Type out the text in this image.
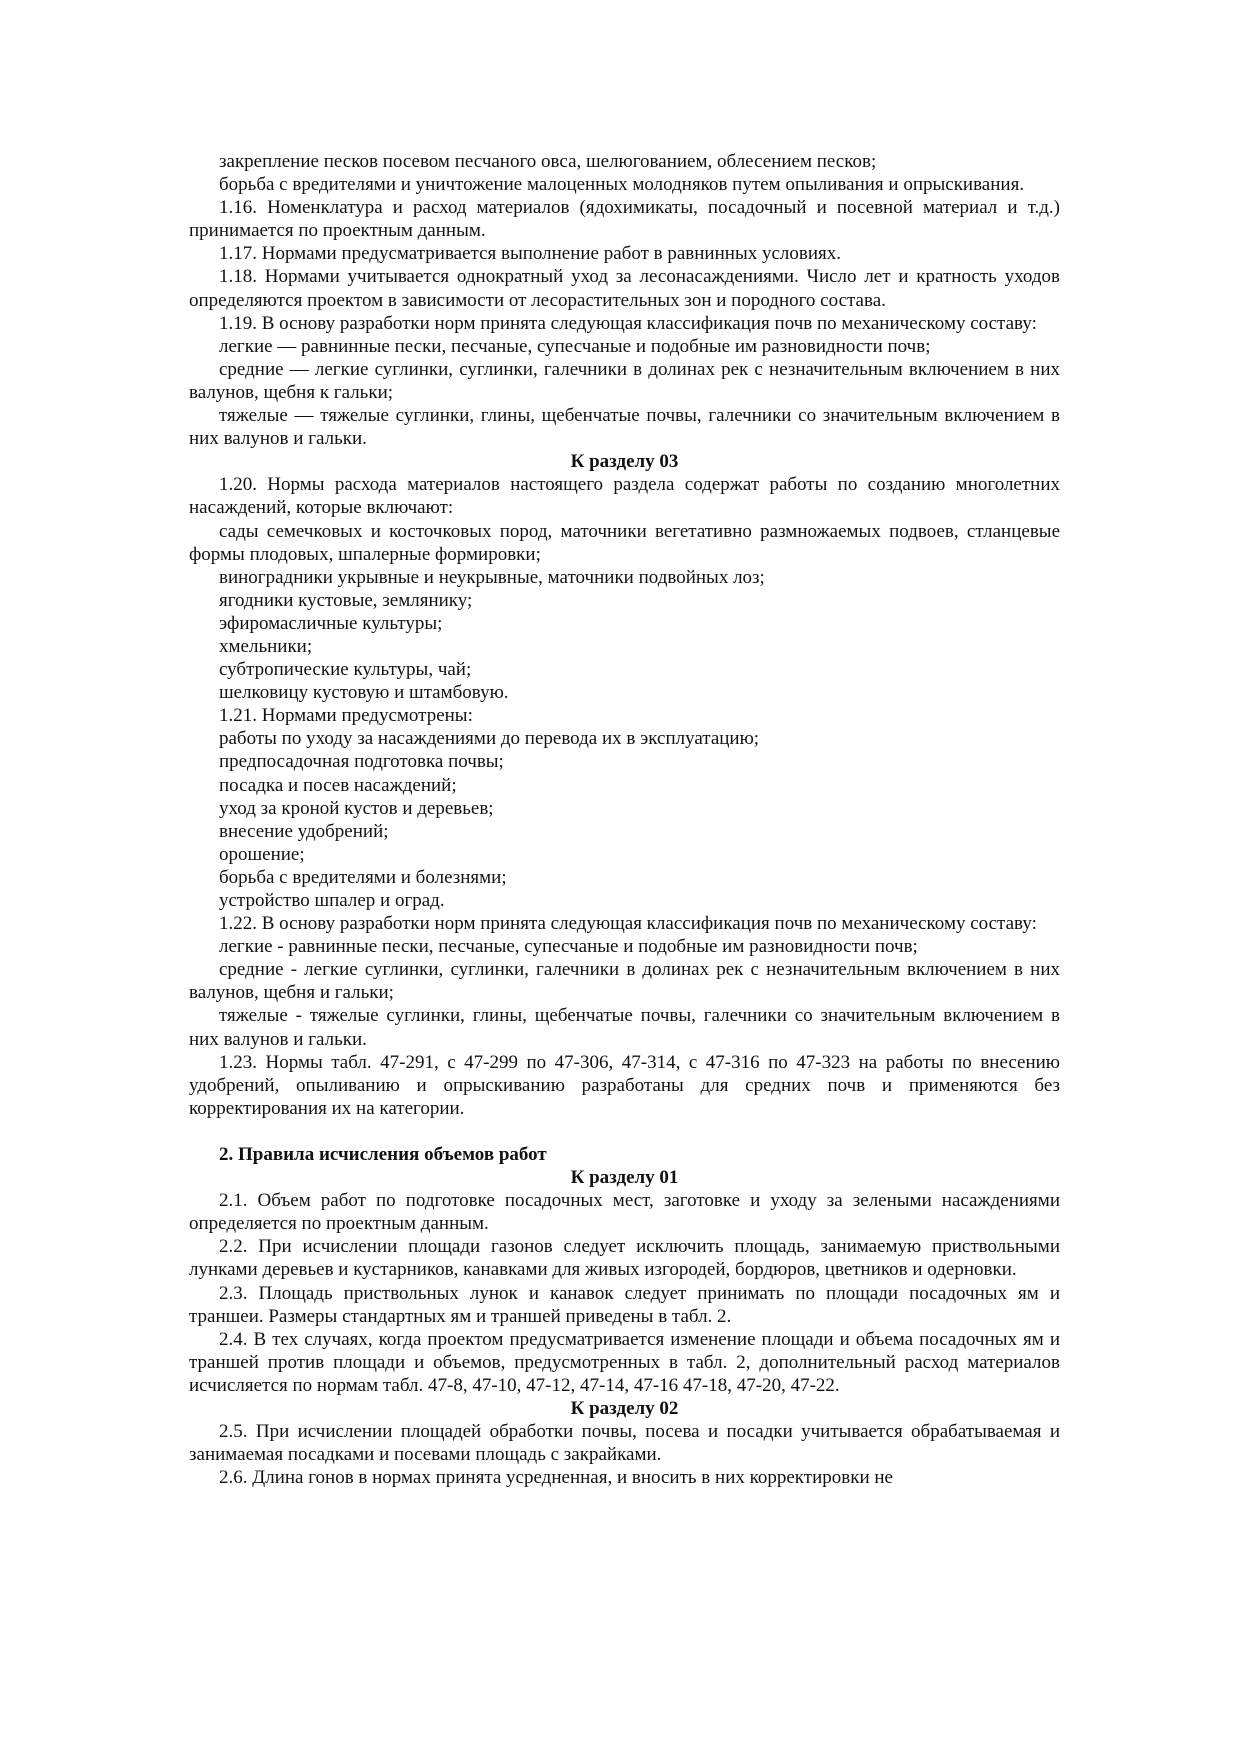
закрепление песков посевом песчаного овса, шелюгованием, облесением песков;

борьба с вредителями и уничтожение малоценных молодняков путем опыливания и опрыскивания.

1.16. Номенклатура и расход материалов (ядохимикаты, посадочный и посевной материал и т.д.) принимается по проектным данным.

1.17. Нормами предусматривается выполнение работ в равнинных условиях.

1.18. Нормами учитывается однократный уход за лесонасаждениями. Число лет и кратность уходов определяются проектом в зависимости от лесорастительных зон и породного состава.

1.19. В основу разработки норм принята следующая классификация почв по механическому составу:

легкие — равнинные пески, песчаные, супесчаные и подобные им разновидности почв;

средние — легкие суглинки, суглинки, галечники в долинах рек с незначительным включением в них валунов, щебня к гальки;

тяжелые — тяжелые суглинки, глины, щебенчатые почвы, галечники со значительным включением в них валунов и гальки.

К разделу 03

1.20. Нормы расхода материалов настоящего раздела содержат работы по созданию многолетних насаждений, которые включают:

сады семечковых и косточковых пород, маточники вегетативно размножаемых подвоев, стланцевые формы плодовых, шпалерные формировки;

виноградники укрывные и неукрывные, маточники подвойных лоз;

ягодники кустовые, землянику;

эфиромасличные культуры;

хмельники;

субтропические культуры, чай;

шелковицу кустовую и штамбовую.

1.21. Нормами предусмотрены:

работы по уходу за насаждениями до перевода их в эксплуатацию;

предпосадочная подготовка почвы;

посадка и посев насаждений;

уход за кроной кустов и деревьев;

внесение удобрений;

орошение;

борьба с вредителями и болезнями;

устройство шпалер и оград.

1.22. В основу разработки норм принята следующая классификация почв по механическому составу:

легкие - равнинные пески, песчаные, супесчаные и подобные им разновидности почв;

средние - легкие суглинки, суглинки, галечники в долинах рек с незначительным включением в них валунов, щебня и гальки;

тяжелые - тяжелые суглинки, глины, щебенчатые почвы, галечники со значительным включением в них валунов и гальки.

1.23. Нормы табл. 47-291, с 47-299 по 47-306, 47-314, с 47-316 по 47-323 на работы по внесению удобрений, опыливанию и опрыскиванию разработаны для средних почв и применяются без корректирования их на категории.

2. Правила исчисления объемов работ

К разделу 01

2.1. Объем работ по подготовке посадочных мест, заготовке и уходу за зелеными насаждениями определяется по проектным данным.

2.2. При исчислении площади газонов следует исключить площадь, занимаемую приствольными лунками деревьев и кустарников, канавками для живых изгородей, бордюров, цветников и одерновки.

2.3. Площадь приствольных лунок и канавок следует принимать по площади посадочных ям и траншеи. Размеры стандартных ям и траншей приведены в табл. 2.

2.4. В тех случаях, когда проектом предусматривается изменение площади и объема посадочных ям и траншей против площади и объемов, предусмотренных в табл. 2, дополнительный расход материалов исчисляется по нормам табл. 47-8, 47-10, 47-12, 47-14, 47-16 47-18, 47-20, 47-22.

К разделу 02

2.5. При исчислении площадей обработки почвы, посева и посадки учитывается обрабатываемая и занимаемая посадками и посевами площадь с закрайками.

2.6. Длина гонов в нормах принята усредненная, и вносить в них корректировки не
